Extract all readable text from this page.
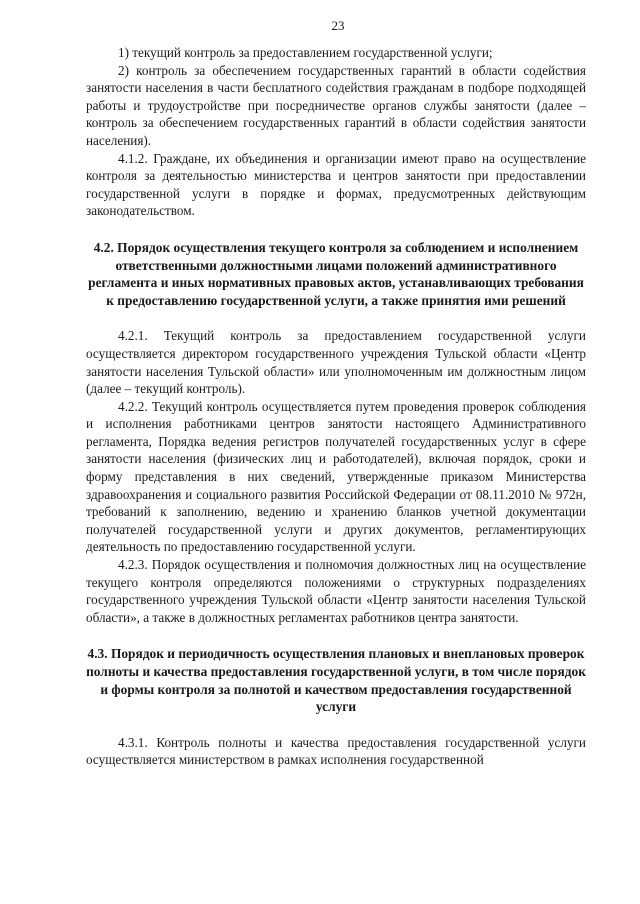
23

1) текущий контроль за предоставлением государственной услуги;

2) контроль за обеспечением государственных гарантий в области содействия занятости населения в части бесплатного содействия гражданам в подборе подходящей работы и трудоустройстве при посредничестве органов службы занятости (далее – контроль за обеспечением государственных гарантий в области содействия занятости населения).

4.1.2. Граждане, их объединения и организации имеют право на осуществление контроля за деятельностью министерства и центров занятости при предоставлении государственной услуги в порядке и формах, предусмотренных действующим законодательством.

4.2. Порядок осуществления текущего контроля за соблюдением и исполнением ответственными должностными лицами положений административного регламента и иных нормативных правовых актов, устанавливающих требования к предоставлению государственной услуги, а также принятия ими решений

4.2.1. Текущий контроль за предоставлением государственной услуги осуществляется директором государственного учреждения Тульской области «Центр занятости населения Тульской области» или уполномоченным им должностным лицом (далее – текущий контроль).

4.2.2. Текущий контроль осуществляется путем проведения проверок соблюдения и исполнения работниками центров занятости настоящего Административного регламента, Порядка ведения регистров получателей государственных услуг в сфере занятости населения (физических лиц и работодателей), включая порядок, сроки и форму представления в них сведений, утвержденные приказом Министерства здравоохранения и социального развития Российской Федерации от 08.11.2010 № 972н, требований к заполнению, ведению и хранению бланков учетной документации получателей государственной услуги и других документов, регламентирующих деятельность по предоставлению государственной услуги.

4.2.3. Порядок осуществления и полномочия должностных лиц на осуществление текущего контроля определяются положениями о структурных подразделениях государственного учреждения Тульской области «Центр занятости населения Тульской области», а также в должностных регламентах работников центра занятости.

4.3. Порядок и периодичность осуществления плановых и внеплановых проверок полноты и качества предоставления государственной услуги, в том числе порядок и формы контроля за полнотой и качеством предоставления государственной услуги

4.3.1. Контроль полноты и качества предоставления государственной услуги осуществляется министерством в рамках исполнения государственной
